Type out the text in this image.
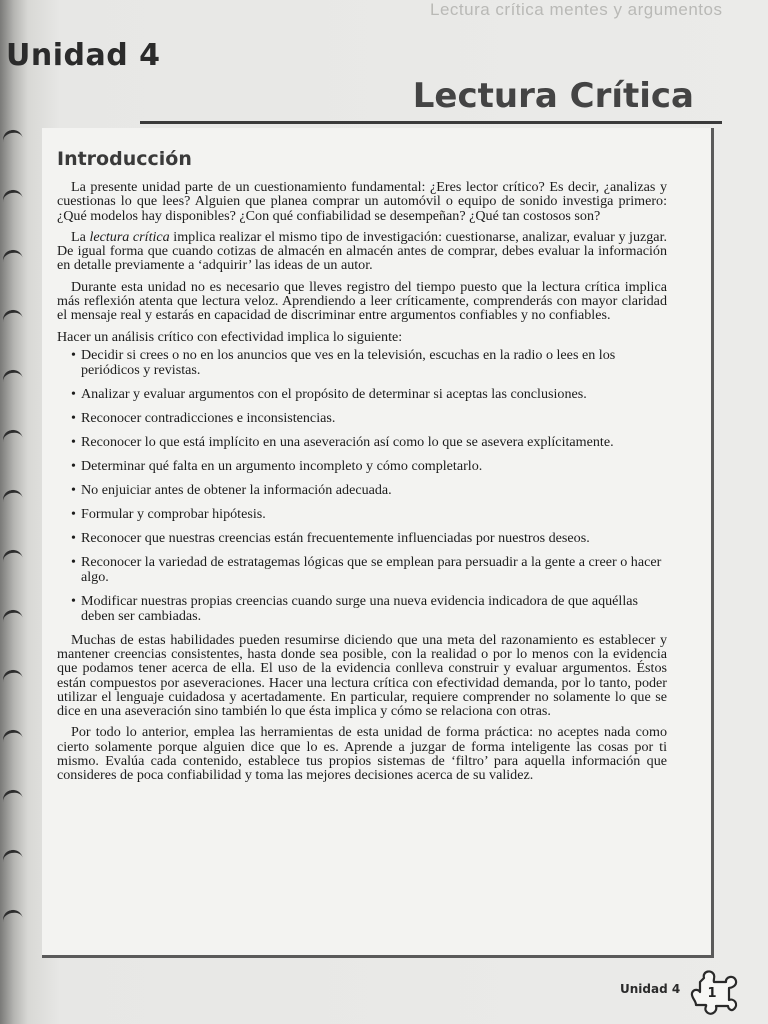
Lectura crítica mentes y argumentos
Unidad 4
Lectura Crítica
Introducción

La presente unidad parte de un cuestionamiento fundamental: ¿Eres lector crítico? Es decir, ¿analizas y cuestionas lo que lees? Alguien que planea comprar un automóvil o equipo de sonido investiga primero: ¿Qué modelos hay disponibles? ¿Con qué confiabilidad se desempeñan? ¿Qué tan costosos son?

La lectura crítica implica realizar el mismo tipo de investigación: cuestionarse, analizar, evaluar y juzgar. De igual forma que cuando cotizas de almacén en almacén antes de comprar, debes evaluar la información en detalle previamente a ‘adquirir’ las ideas de un autor.

Durante esta unidad no es necesario que lleves registro del tiempo puesto que la lectura crítica implica más reflexión atenta que lectura veloz. Aprendiendo a leer críticamente, comprenderás con mayor claridad el mensaje real y estarás en capacidad de discriminar entre argumentos confiables y no confiables.

Hacer un análisis crítico con efectividad implica lo siguiente:

• Decidir si crees o no en los anuncios que ves en la televisión, escuchas en la radio o lees en los periódicos y revistas.
• Analizar y evaluar argumentos con el propósito de determinar si aceptas las conclusiones.
• Reconocer contradicciones e inconsistencias.
• Reconocer lo que está implícito en una aseveración así como lo que se asevera explícitamente.
• Determinar qué falta en un argumento incompleto y cómo completarlo.
• No enjuiciar antes de obtener la información adecuada.
• Formular y comprobar hipótesis.
• Reconocer que nuestras creencias están frecuentemente influenciadas por nuestros deseos.
• Reconocer la variedad de estratagemas lógicas que se emplean para persuadir a la gente a creer o hacer algo.
• Modificar nuestras propias creencias cuando surge una nueva evidencia indicadora de que aquéllas deben ser cambiadas.

Muchas de estas habilidades pueden resumirse diciendo que una meta del razonamiento es establecer y mantener creencias consistentes, hasta donde sea posible, con la realidad o por lo menos con la evidencia que podamos tener acerca de ella. El uso de la evidencia conlleva construir y evaluar argumentos. Éstos están compuestos por aseveraciones. Hacer una lectura crítica con efectividad demanda, por lo tanto, poder utilizar el lenguaje cuidadosa y acertadamente. En particular, requiere comprender no solamente lo que se dice en una aseveración sino también lo que ésta implica y cómo se relaciona con otras.

Por todo lo anterior, emplea las herramientas de esta unidad de forma práctica: no aceptes nada como cierto solamente porque alguien dice que lo es. Aprende a juzgar de forma inteligente las cosas por ti mismo. Evalúa cada contenido, establece tus propios sistemas de ‘filtro’ para aquella información que consideres de poca confiabilidad y toma las mejores decisiones acerca de su validez.

Unidad 4 1
